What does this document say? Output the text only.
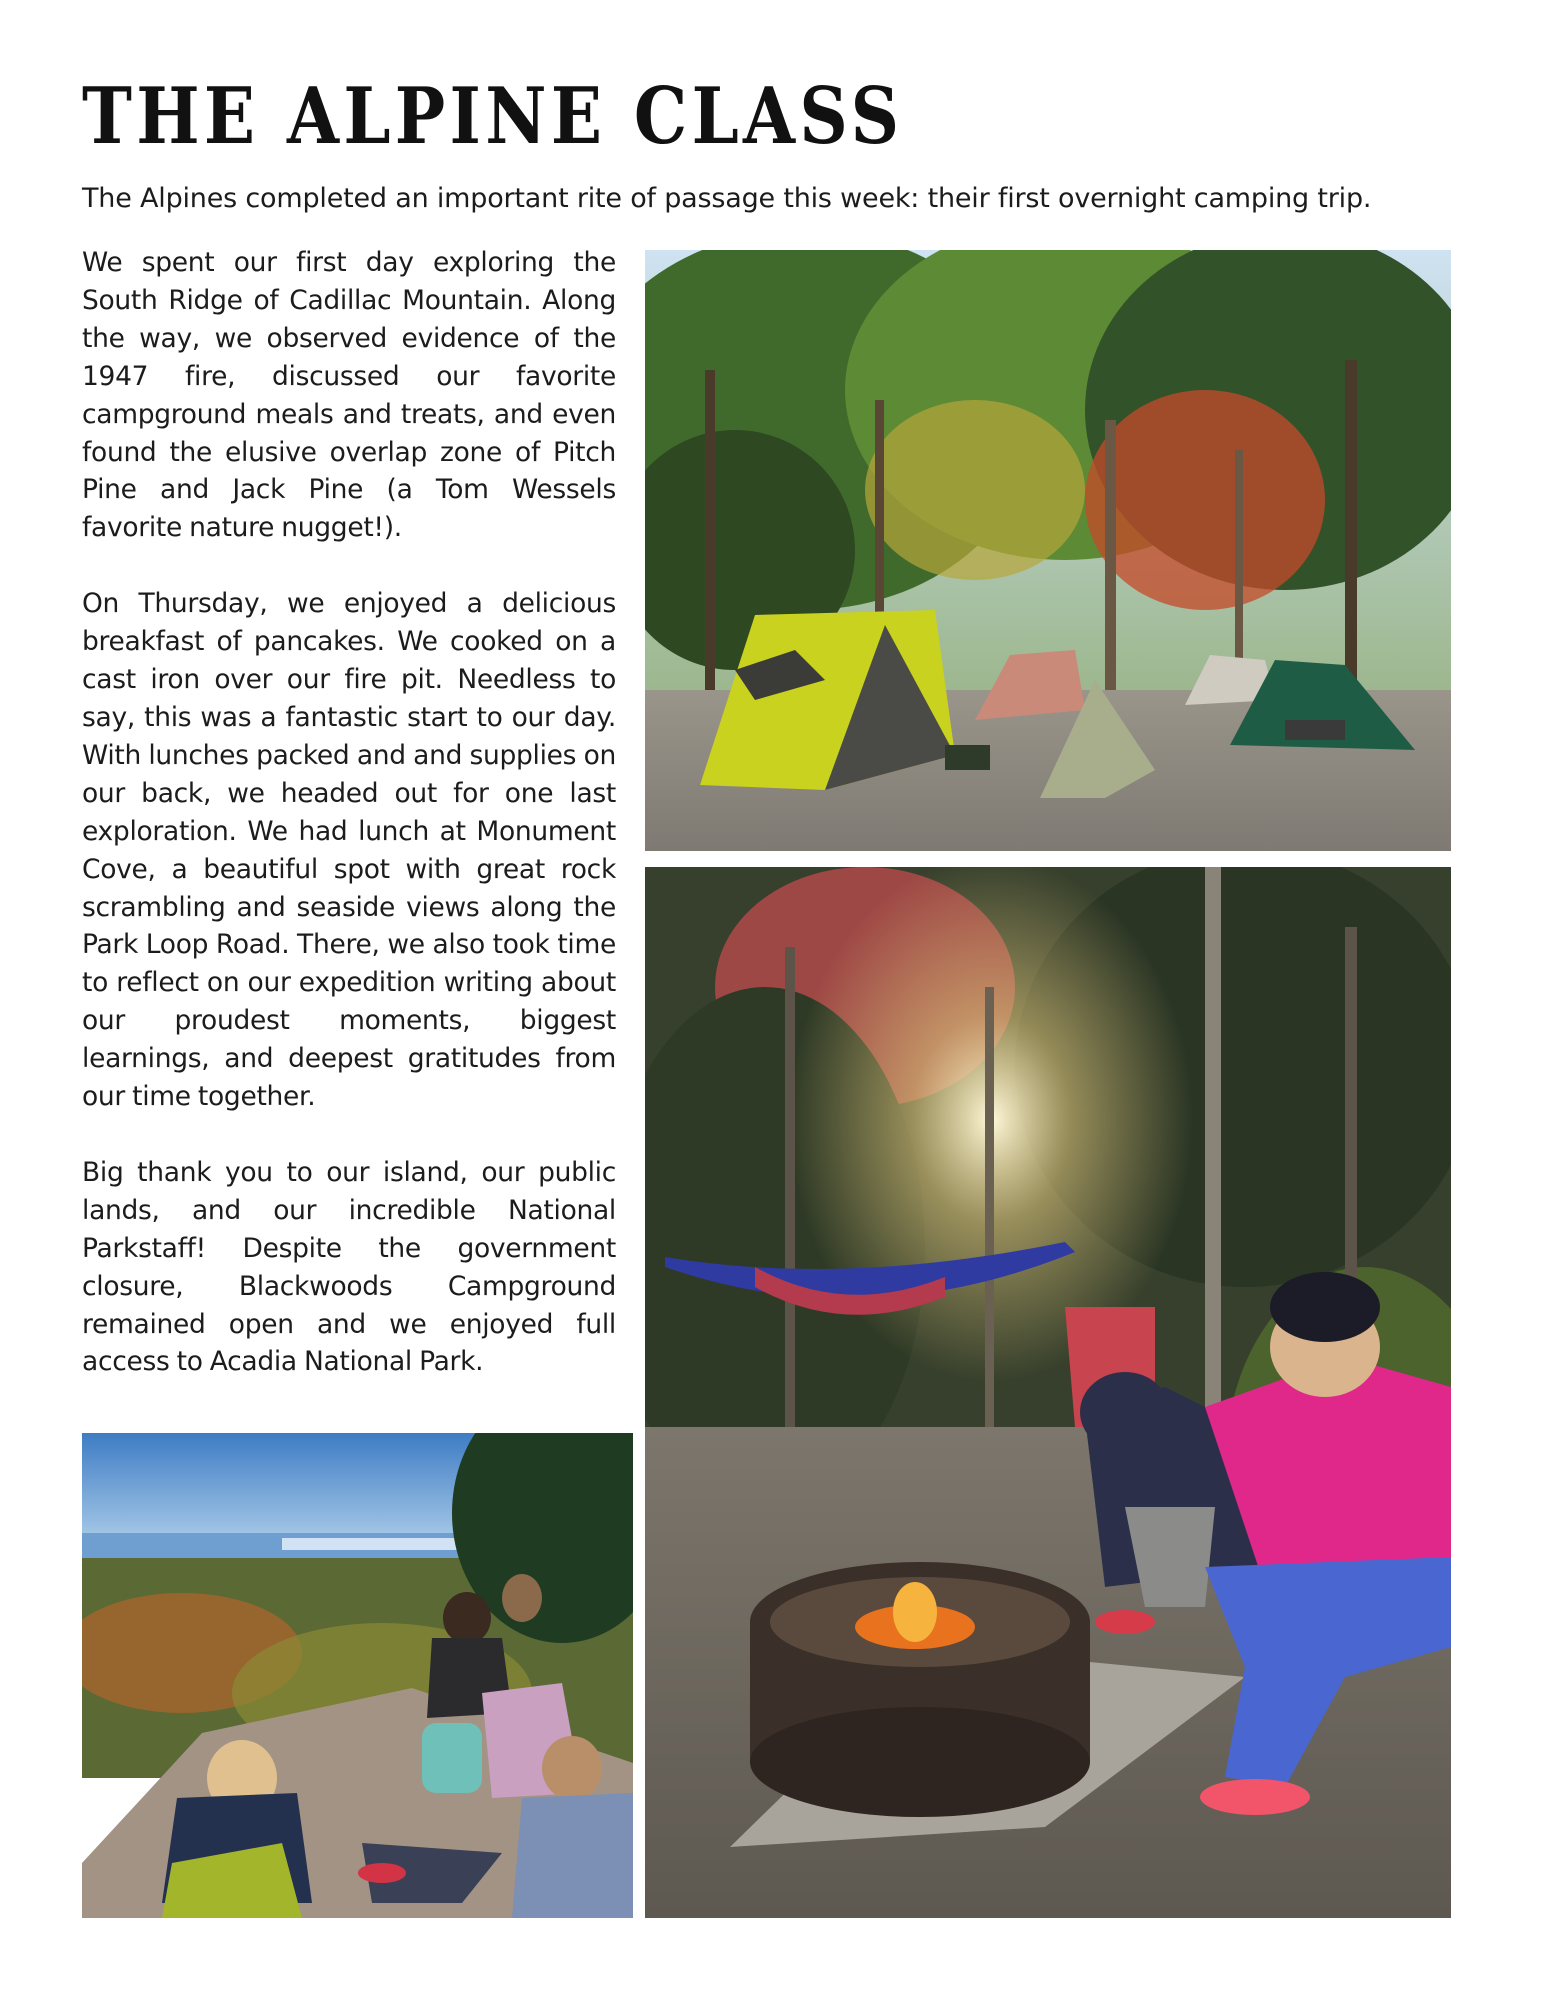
THE ALPINE CLASS

The Alpines completed an important rite of passage this week: their first overnight camping trip.

We spent our first day exploring the South Ridge of Cadillac Mountain. Along the way, we observed evidence of the 1947 fire, discussed our favorite campground meals and treats, and even found the elusive overlap zone of Pitch Pine and Jack Pine (a Tom Wessels favorite nature nugget!).

On Thursday, we enjoyed a delicious breakfast of pancakes. We cooked on a cast iron over our fire pit. Needless to say, this was a fantastic start to our day. With lunches packed and and supplies on our back, we headed out for one last exploration. We had lunch at Monument Cove, a beautiful spot with great rock scrambling and seaside views along the Park Loop Road. There, we also took time to reflect on our expedition writing about our proudest moments, biggest learnings, and deepest gratitudes from our time together.

Big thank you to our island, our public lands, and our incredible National Parkstaff! Despite the government closure, Blackwoods Campground remained open and we enjoyed full access to Acadia National Park.
